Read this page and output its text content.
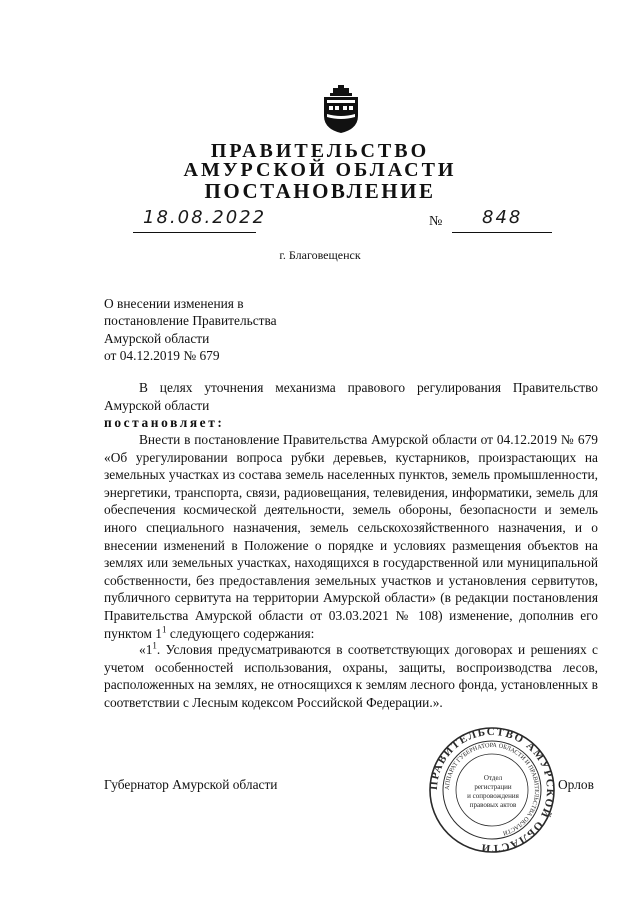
ПРАВИТЕЛЬСТВО
АМУРСКОЙ ОБЛАСТИ
ПОСТАНОВЛЕНИЕ
18.08.2022	№ 848
г. Благовещенск
О внесении изменения в
постановление Правительства
Амурской области
от 04.12.2019 № 679
В целях уточнения механизма правового регулирования Правительство Амурской области
постановляет:
Внести в постановление Правительства Амурской области от 04.12.2019 № 679 «Об урегулировании вопроса рубки деревьев, кустарников, произрастающих на земельных участках из состава земель населенных пунктов, земель промышленности, энергетики, транспорта, связи, радиовещания, телевидения, информатики, земель для обеспечения космической деятельности, земель обороны, безопасности и земель иного специального назначения, земель сельскохозяйственного назначения, и о внесении изменений в Положение о порядке и условиях размещения объектов на землях или земельных участках, находящихся в государственной или муниципальной собственности, без предоставления земельных участков и установления сервитутов, публичного сервитута на территории Амурской области» (в редакции постановления Правительства Амурской области от 03.03.2021 № 108) изменение, дополнив его пунктом $1^1$ следующего содержания:
«$1^1$. Условия предусматриваются в соответствующих договорах и решениях с учетом особенностей использования, охраны, защиты, воспроизводства лесов, расположенных на землях, не относящихся к землям лесного фонда, установленных в соответствии с Лесным кодексом Российской Федерации.».
Губернатор Амурской области	ПРАВИТЕЛЬСТВО АМУРСКОЙ ОБЛАСТИ
АППАРАТ ГУБЕРНАТОРА ОБЛАСТИ И ПРАВИТЕЛЬСТВА ОБЛАСТИ
Отдел
регистрации
и сопровождения
правовых актов
Орлов
